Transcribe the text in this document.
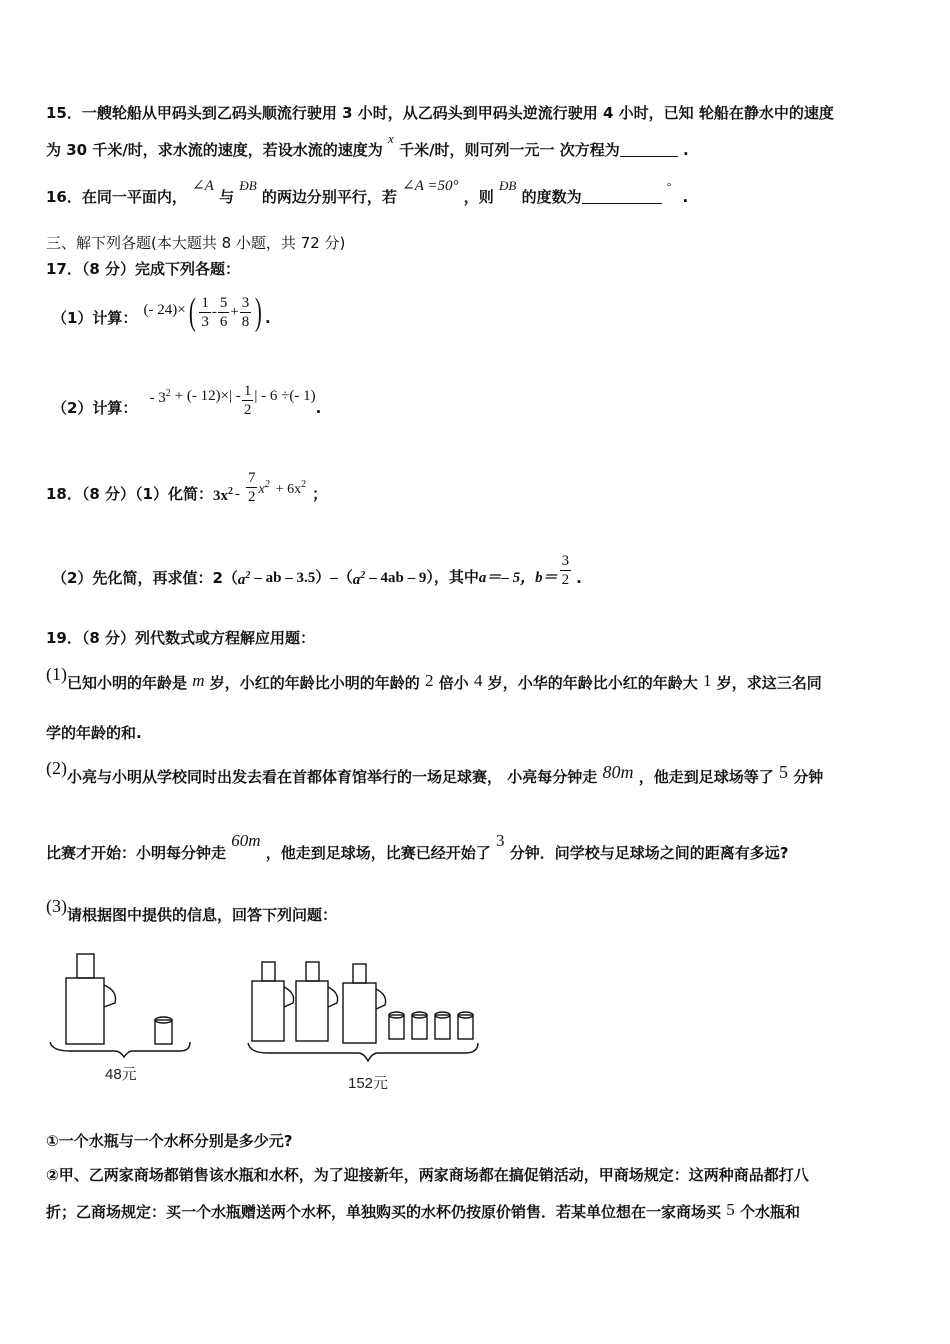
15．一艘轮船从甲码头到乙码头顺流行驶用 3 小时，从乙码头到甲码头逆流行驶用 4 小时，已知 轮船在静水中的速度
为 30 千米/时，求水流的速度，若设水流的速度为 x 千米/时，则可列一元一 次方程为	.
16．在同一平面内， ∠A 与 ÐB 的两边分别平行，若 ∠A =50° ，则 ÐB 的度数为 ° .
三、解下列各题(本大题共 8 小题，共 72 分)
17．（8 分）完成下列各题：
（1）计算： (- 24)× ( $\frac{1}{3} - \frac{5}{6} + \frac{3}{8}$ ) .
（2）计算：
- $3^2$ + (- $12)\times| - \frac{1}{2}$ | - 6 ÷(- 1)
.
18．（8 分）（1）化简： $3x^2 - \frac{7}{2} x^2 + 6x^2$
；
（2）先化简，再求值：2（ $a^2$ – ab – 3.5）–（ $a^2 - 4ab - 9$），其中 a＝– 5，$b= \frac{3}{2}$ .
19．（8 分）列代数式或方程解应用题：
(1)已知小明的年龄是 m 岁，小红的年龄比小明的年龄的 2 倍小 4 岁，小华的年龄比小红的年龄大 1 岁，求这三名同
学的年龄的和.
(2)小亮与小明从学校同时出发去看在首都体育馆举行的一场足球赛， 小亮每分钟走 80m ，他走到足球场等了 5 分钟
比赛才开始：小明每分钟走 60m ，他走到足球场，比赛已经开始了 3 分钟．问学校与足球场之间的距离有多远?
(3)请根据图中提供的信息，回答下列问题：
48元
152元
①一个水瓶与一个水杯分别是多少元?
②甲、乙两家商场都销售该水瓶和水杯，为了迎接新年，两家商场都在搞促销活动，甲商场规定：这两种商品都打八
折；乙商场规定：买一个水瓶赠送两个水杯，单独购买的水杯仍按原价销售．若某单位想在一家商场买 5 个水瓶和
